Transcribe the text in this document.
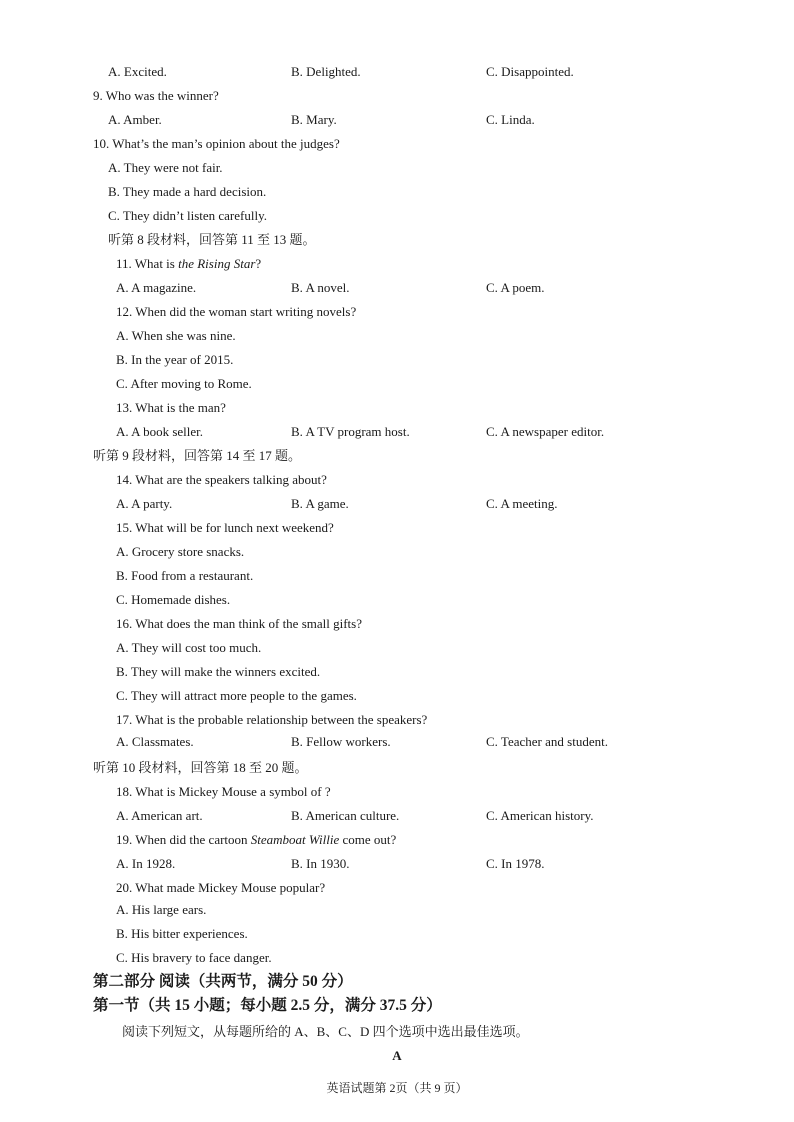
A. Excited.	B. Delighted.	C. Disappointed.
9. Who was the winner?
A. Amber.	B. Mary.	C. Linda.
10. What’s the man’s opinion about the judges?
A. They were not fair.
B. They made a hard decision.
C. They didn’t listen carefully.
听第 8 段材料，回答第 11 至 13 题。
11. What is the Rising Star?
A. A magazine.	B. A novel.	C. A poem.
12. When did the woman start writing novels?
A. When she was nine.
B. In the year of 2015.
C. After moving to Rome.
13. What is the man?
A. A book seller.	B. A TV program host.	C. A newspaper editor.
听第 9 段材料，回答第 14 至 17 题。
14. What are the speakers talking about?
A. A party.	B. A game.	C. A meeting.
15. What will be for lunch next weekend?
A. Grocery store snacks.
B. Food from a restaurant.
C. Homemade dishes.
16. What does the man think of the small gifts?
A. They will cost too much.
B. They will make the winners excited.
C. They will attract more people to the games.
17. What is the probable relationship between the speakers?
A. Classmates.	B. Fellow workers.	C. Teacher and student.
听第 10 段材料，回答第 18 至 20 题。
18. What is Mickey Mouse a symbol of ?
A. American art.	B. American culture.	C. American history.
19. When did the cartoon Steamboat Willie come out?
A. In 1928.	B. In 1930.	C. In 1978.
20. What made Mickey Mouse popular?
A. His large ears.
B. His bitter experiences.
C. His bravery to face danger.
第二部分 阅读（共两节，满分 50 分）
第一节（共 15 小题；每小题 2.5 分，满分 37.5 分）
阅读下列短文，从每题所给的 A、B、C、D 四个选项中选出最佳选项。
A
英语试题第 2页（共 9 页）
